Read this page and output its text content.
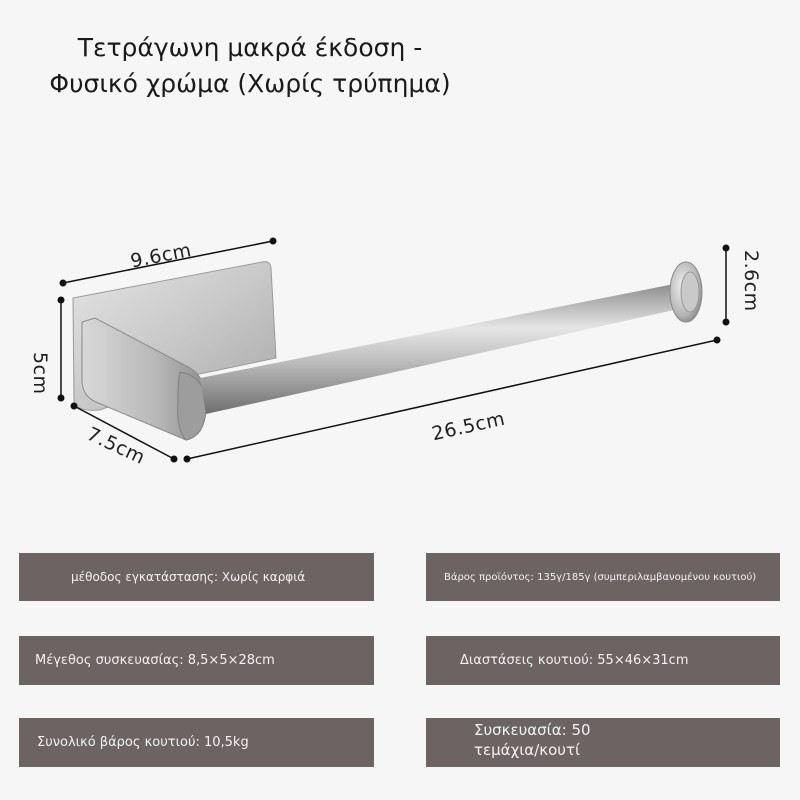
Τετράγωνη μακρά έκδοση -
Φυσικό χρώμα (Χωρίς τρύπημα)
9.6cm
5cm
7.5cm	26.5cm
2.6cm
μέθοδος εγκατάστασης: Χωρίς καρφιά	Βάρος προϊόντος: 135γ/185γ (συμπεριλαμβανομένου κουτιού)
Μέγεθος συσκευασίας: 8,5×5×28cm	Διαστάσεις κουτιού: 55×46×31cm
Συνολικό βάρος κουτιού: 10,5kg
Συσκευασία: 50
τεμάχια/κουτί
